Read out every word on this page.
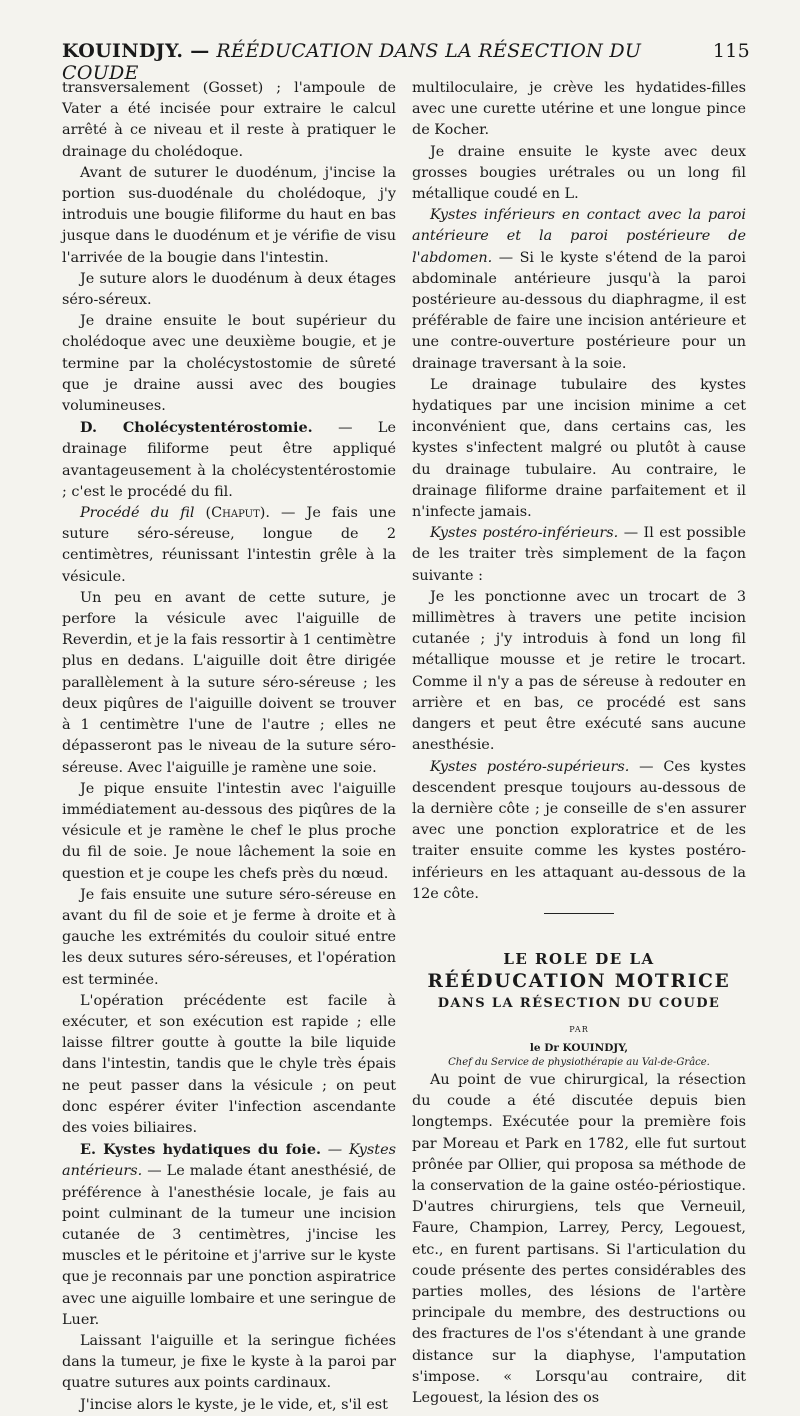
KOUINDJY. — RÉÉDUCATION DANS LA RÉSECTION DU COUDE
115

transversalement (Gosset) ; l'ampoule de Vater a été incisée pour extraire le calcul arrêté à ce niveau et il reste à pratiquer le drainage du cholédoque.

Avant de suturer le duodénum, j'incise la portion sus-duodénale du cholédoque, j'y introduis une bougie filiforme du haut en bas jusque dans le duodénum et je vérifie de visu l'arrivée de la bougie dans l'intestin.

Je suture alors le duodénum à deux étages séro-séreux.

Je draine ensuite le bout supérieur du cholédoque avec une deuxième bougie, et je termine par la cholécystostomie de sûreté que je draine aussi avec des bougies volumineuses.

D. Cholécystentérostomie. — Le drainage filiforme peut être appliqué avantageusement à la cholécystentérostomie ; c'est le procédé du fil.

Procédé du fil (Chaput). — Je fais une suture séro-séreuse, longue de 2 centimètres, réunissant l'intestin grêle à la vésicule.

Un peu en avant de cette suture, je perfore la vésicule avec l'aiguille de Reverdin, et je la fais ressortir à 1 centimètre plus en dedans. L'aiguille doit être dirigée parallèlement à la suture séro-séreuse ; les deux piqûres de l'aiguille doivent se trouver à 1 centimètre l'une de l'autre ; elles ne dépasseront pas le niveau de la suture séro-séreuse. Avec l'aiguille je ramène une soie.

Je pique ensuite l'intestin avec l'aiguille immédiatement au-dessous des piqûres de la vésicule et je ramène le chef le plus proche du fil de soie. Je noue lâchement la soie en question et je coupe les chefs près du nœud.

Je fais ensuite une suture séro-séreuse en avant du fil de soie et je ferme à droite et à gauche les extrémités du couloir situé entre les deux sutures séro-séreuses, et l'opération est terminée.

L'opération précédente est facile à exécuter, et son exécution est rapide ; elle laisse filtrer goutte à goutte la bile liquide dans l'intestin, tandis que le chyle très épais ne peut passer dans la vésicule ; on peut donc espérer éviter l'infection ascendante des voies biliaires.

E. Kystes hydatiques du foie. — Kystes antérieurs. — Le malade étant anesthésié, de préférence à l'anesthésie locale, je fais au point culminant de la tumeur une incision cutanée de 3 centimètres, j'incise les muscles et le péritoine et j'arrive sur le kyste que je reconnais par une ponction aspiratrice avec une aiguille lombaire et une seringue de Luer.

Laissant l'aiguille et la seringue fichées dans la tumeur, je fixe le kyste à la paroi par quatre sutures aux points cardinaux.

J'incise alors le kyste, je le vide, et, s'il est

multiloculaire, je crève les hydatides-filles avec une curette utérine et une longue pince de Kocher.

Je draine ensuite le kyste avec deux grosses bougies urétrales ou un long fil métallique coudé en L.

Kystes inférieurs en contact avec la paroi antérieure et la paroi postérieure de l'abdomen. — Si le kyste s'étend de la paroi abdominale antérieure jusqu'à la paroi postérieure au-dessous du diaphragme, il est préférable de faire une incision antérieure et une contre-ouverture postérieure pour un drainage traversant à la soie.

Le drainage tubulaire des kystes hydatiques par une incision minime a cet inconvénient que, dans certains cas, les kystes s'infectent malgré ou plutôt à cause du drainage tubulaire. Au contraire, le drainage filiforme draine parfaitement et il n'infecte jamais.

Kystes postéro-inférieurs. — Il est possible de les traiter très simplement de la façon suivante :

Je les ponctionne avec un trocart de 3 millimètres à travers une petite incision cutanée ; j'y introduis à fond un long fil métallique mousse et je retire le trocart. Comme il n'y a pas de séreuse à redouter en arrière et en bas, ce procédé est sans dangers et peut être exécuté sans aucune anesthésie.

Kystes postéro-supérieurs. — Ces kystes descendent presque toujours au-dessous de la dernière côte ; je conseille de s'en assurer avec une ponction exploratrice et de les traiter ensuite comme les kystes postéro-inférieurs en les attaquant au-dessous de la 12e côte.

LE ROLE DE LA
RÉÉDUCATION MOTRICE
DANS LA RÉSECTION DU COUDE
PAR
le Dr KOUINDJY,
Chef du Service de physiothérapie au Val-de-Grâce.

Au point de vue chirurgical, la résection du coude a été discutée depuis bien longtemps. Exécutée pour la première fois par Moreau et Park en 1782, elle fut surtout prônée par Ollier, qui proposa sa méthode de la conservation de la gaine ostéo-périostique. D'autres chirurgiens, tels que Verneuil, Faure, Champion, Larrey, Percy, Legouest, etc., en furent partisans. Si l'articulation du coude présente des pertes considérables des parties molles, des lésions de l'artère principale du membre, des destructions ou des fractures de l'os s'étendant à une grande distance sur la diaphyse, l'amputation s'impose. « Lorsqu'au contraire, dit Legouest, la lésion des os
